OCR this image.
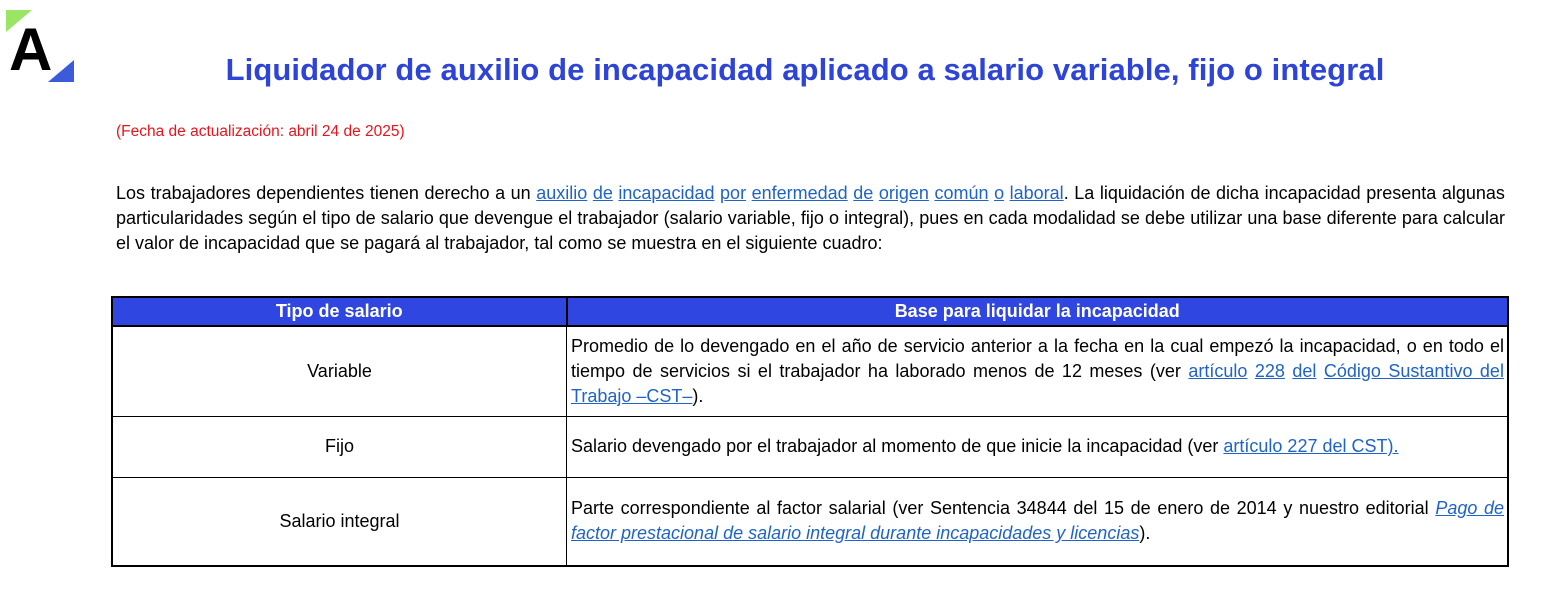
A	Liquidador de auxilio de incapacidad aplicado a salario variable, fijo o integral
(Fecha de actualización: abril 24 de 2025)

Los trabajadores dependientes tienen derecho a un auxilio de incapacidad por enfermedad de origen común o laboral. La liquidación de dicha incapacidad presenta algunas particularidades según el tipo de salario que devengue el trabajador (salario variable, fijo o integral), pues en cada modalidad se debe utilizar una base diferente para calcular el valor de incapacidad que se pagará al trabajador, tal como se muestra en el siguiente cuadro:

Tipo de salario	Base para liquidar la incapacidad
Variable	Promedio de lo devengado en el año de servicio anterior a la fecha en la cual empezó la incapacidad, o en todo el tiempo de servicios si el trabajador ha laborado menos de 12 meses (ver artículo 228 del Código Sustantivo del Trabajo –CST–).
Fijo	Salario devengado por el trabajador al momento de que inicie la incapacidad (ver artículo 227 del CST).
Salario integral	Parte correspondiente al factor salarial (ver Sentencia 34844 del 15 de enero de 2014 y nuestro editorial Pago de factor prestacional de salario integral durante incapacidades y licencias).
